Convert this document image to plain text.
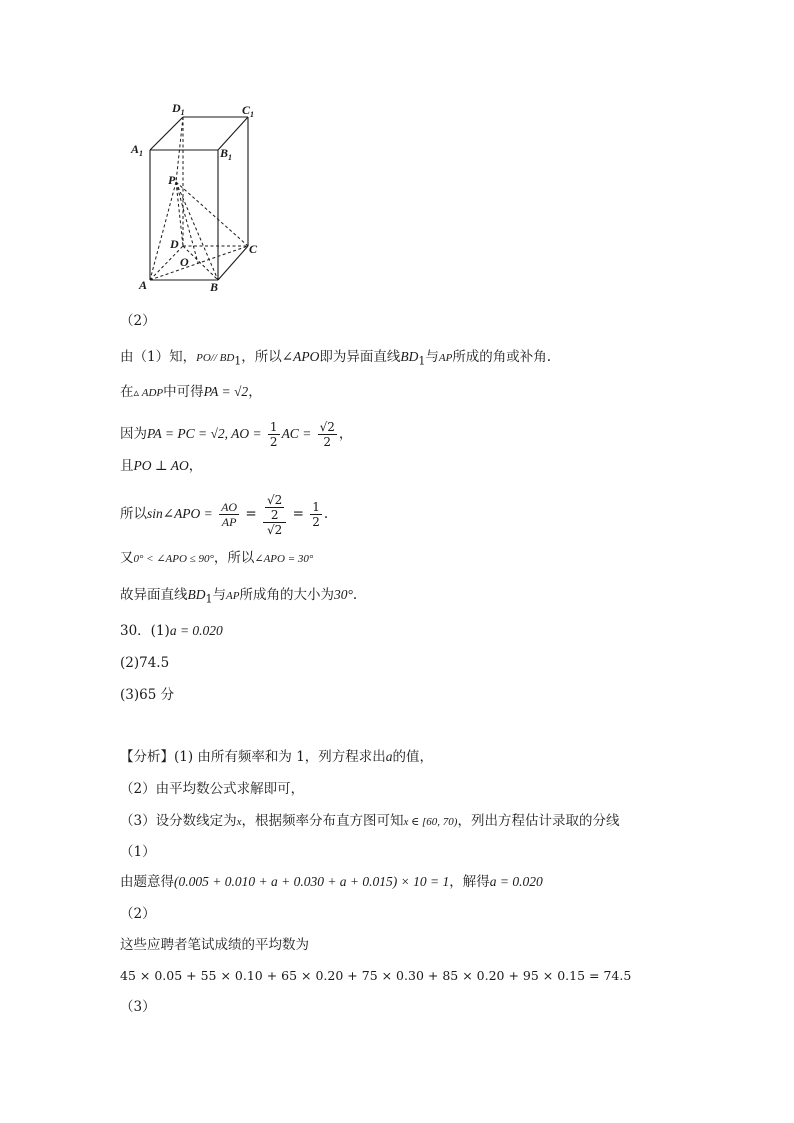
$D_1$	$C_1$
$A_1$	$B_1$
P
D	C
O
A	B
（2）
由（1）知，PO// $BD_1$，所以∠APO即为异面直线$BD_1$与AP所成的角或补角.
在▵ ADP中可得PA = √2，
因为PA = PC = √2, AO = $\frac{1}{2}$ AC = $\frac{√2}{2}$ ，
且PO ⊥ AO，
所以sin∠APO = $\frac{AO}{AP} = \frac{\frac{√2}{2}}{√2} = \frac{1}{2}$ .
又0° < ∠APO ≤ 90°，所以∠APO = 30°
故异面直线$BD_1$与AP所成角的大小为30°.
30．(1)a = 0.020
(2)74.5
(3)65 分
【分析】(1) 由所有频率和为 1，列方程求出a的值，
（2）由平均数公式求解即可，
（3）设分数线定为x，根据频率分布直方图可知x ∈ [60, 70)，列出方程估计录取的分线
（1）
由题意得(0.005 + 0.010 + a + 0.030 + a + 0.015) × 10 = 1，解得a = 0.020
（2）
这些应聘者笔试成绩的平均数为
45 × 0.05 + 55 × 0.10 + 65 × 0.20 + 75 × 0.30 + 85 × 0.20 + 95 × 0.15 = 74.5
（3）
